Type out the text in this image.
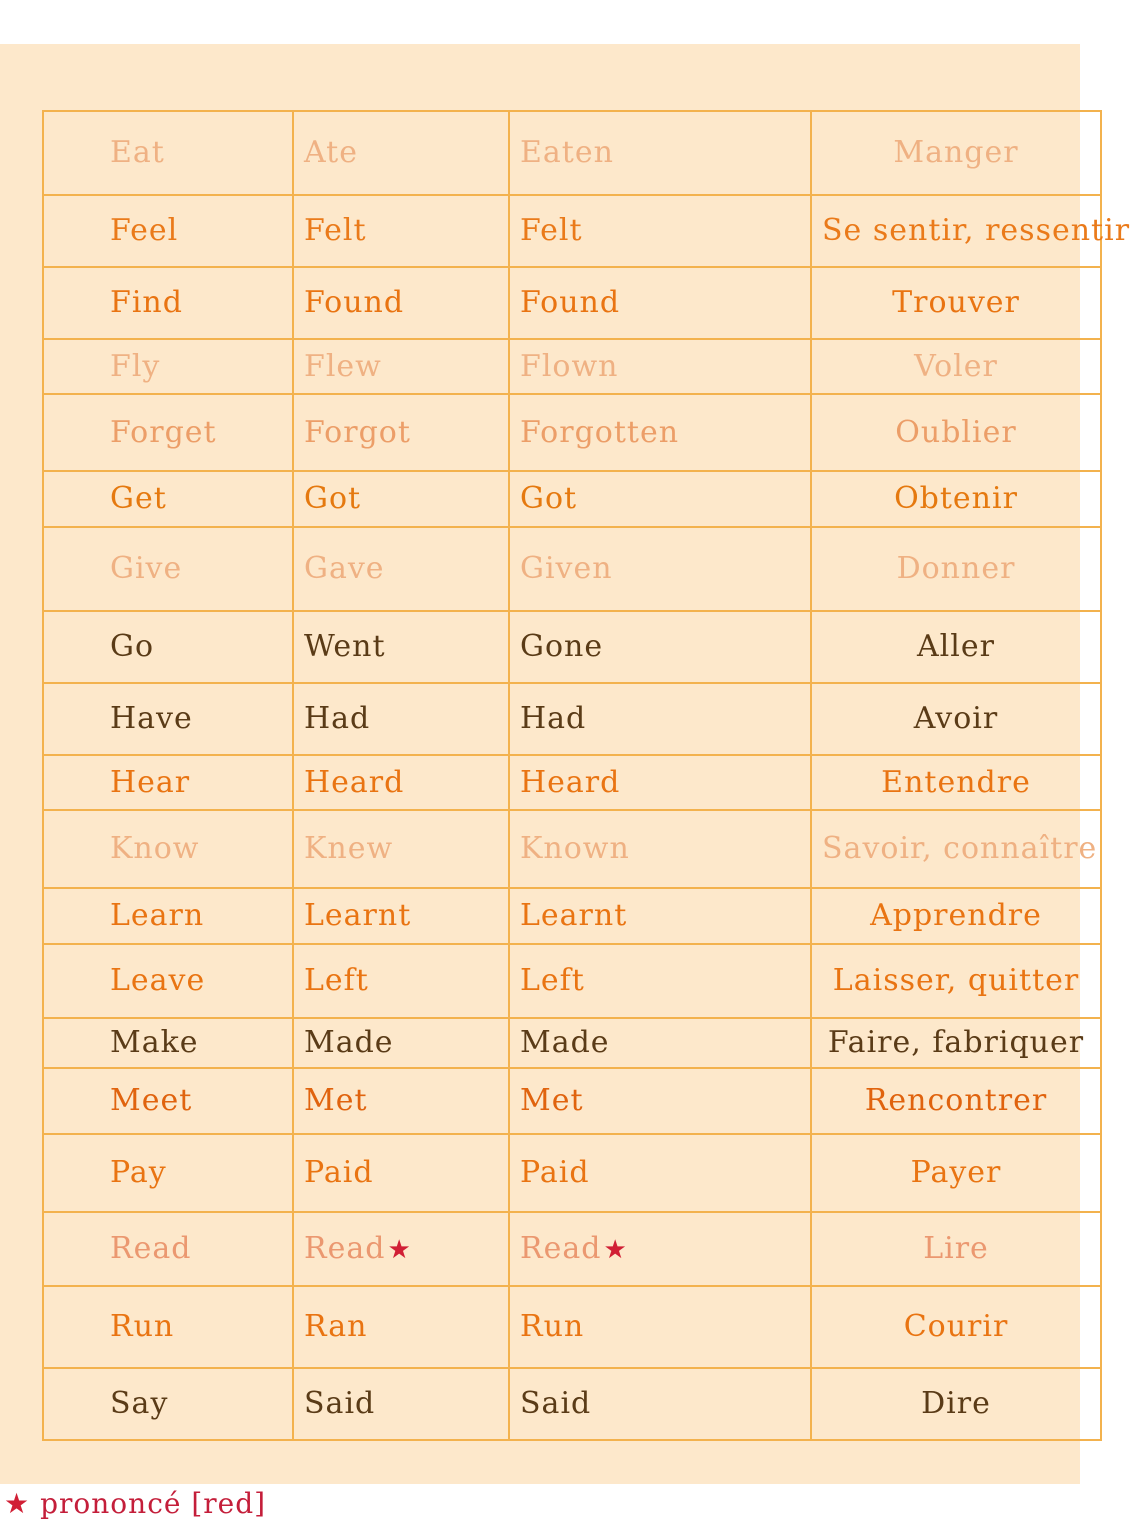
Eat	Ate	Eaten	Manger
Feel	Felt	Felt	Se sentir, ressentir
Find	Found	Found	Trouver
Fly	Flew	Flown	Voler
Forget	Forgot	Forgotten	Oublier
Get	Got	Got	Obtenir
Give	Gave	Given	Donner
Go	Went	Gone	Aller
Have	Had	Had	Avoir
Hear	Heard	Heard	Entendre
Know	Knew	Known	Savoir, connaître
Learn	Learnt	Learnt	Apprendre
Leave	Left	Left	Laisser, quitter
Make	Made	Made	Faire, fabriquer
Meet	Met	Met	Rencontrer
Pay	Paid	Paid	Payer
Read	Read★	Read★	Lire
Run	Ran	Run	Courir
Say	Said	Said	Dire
★ prononcé [red]
